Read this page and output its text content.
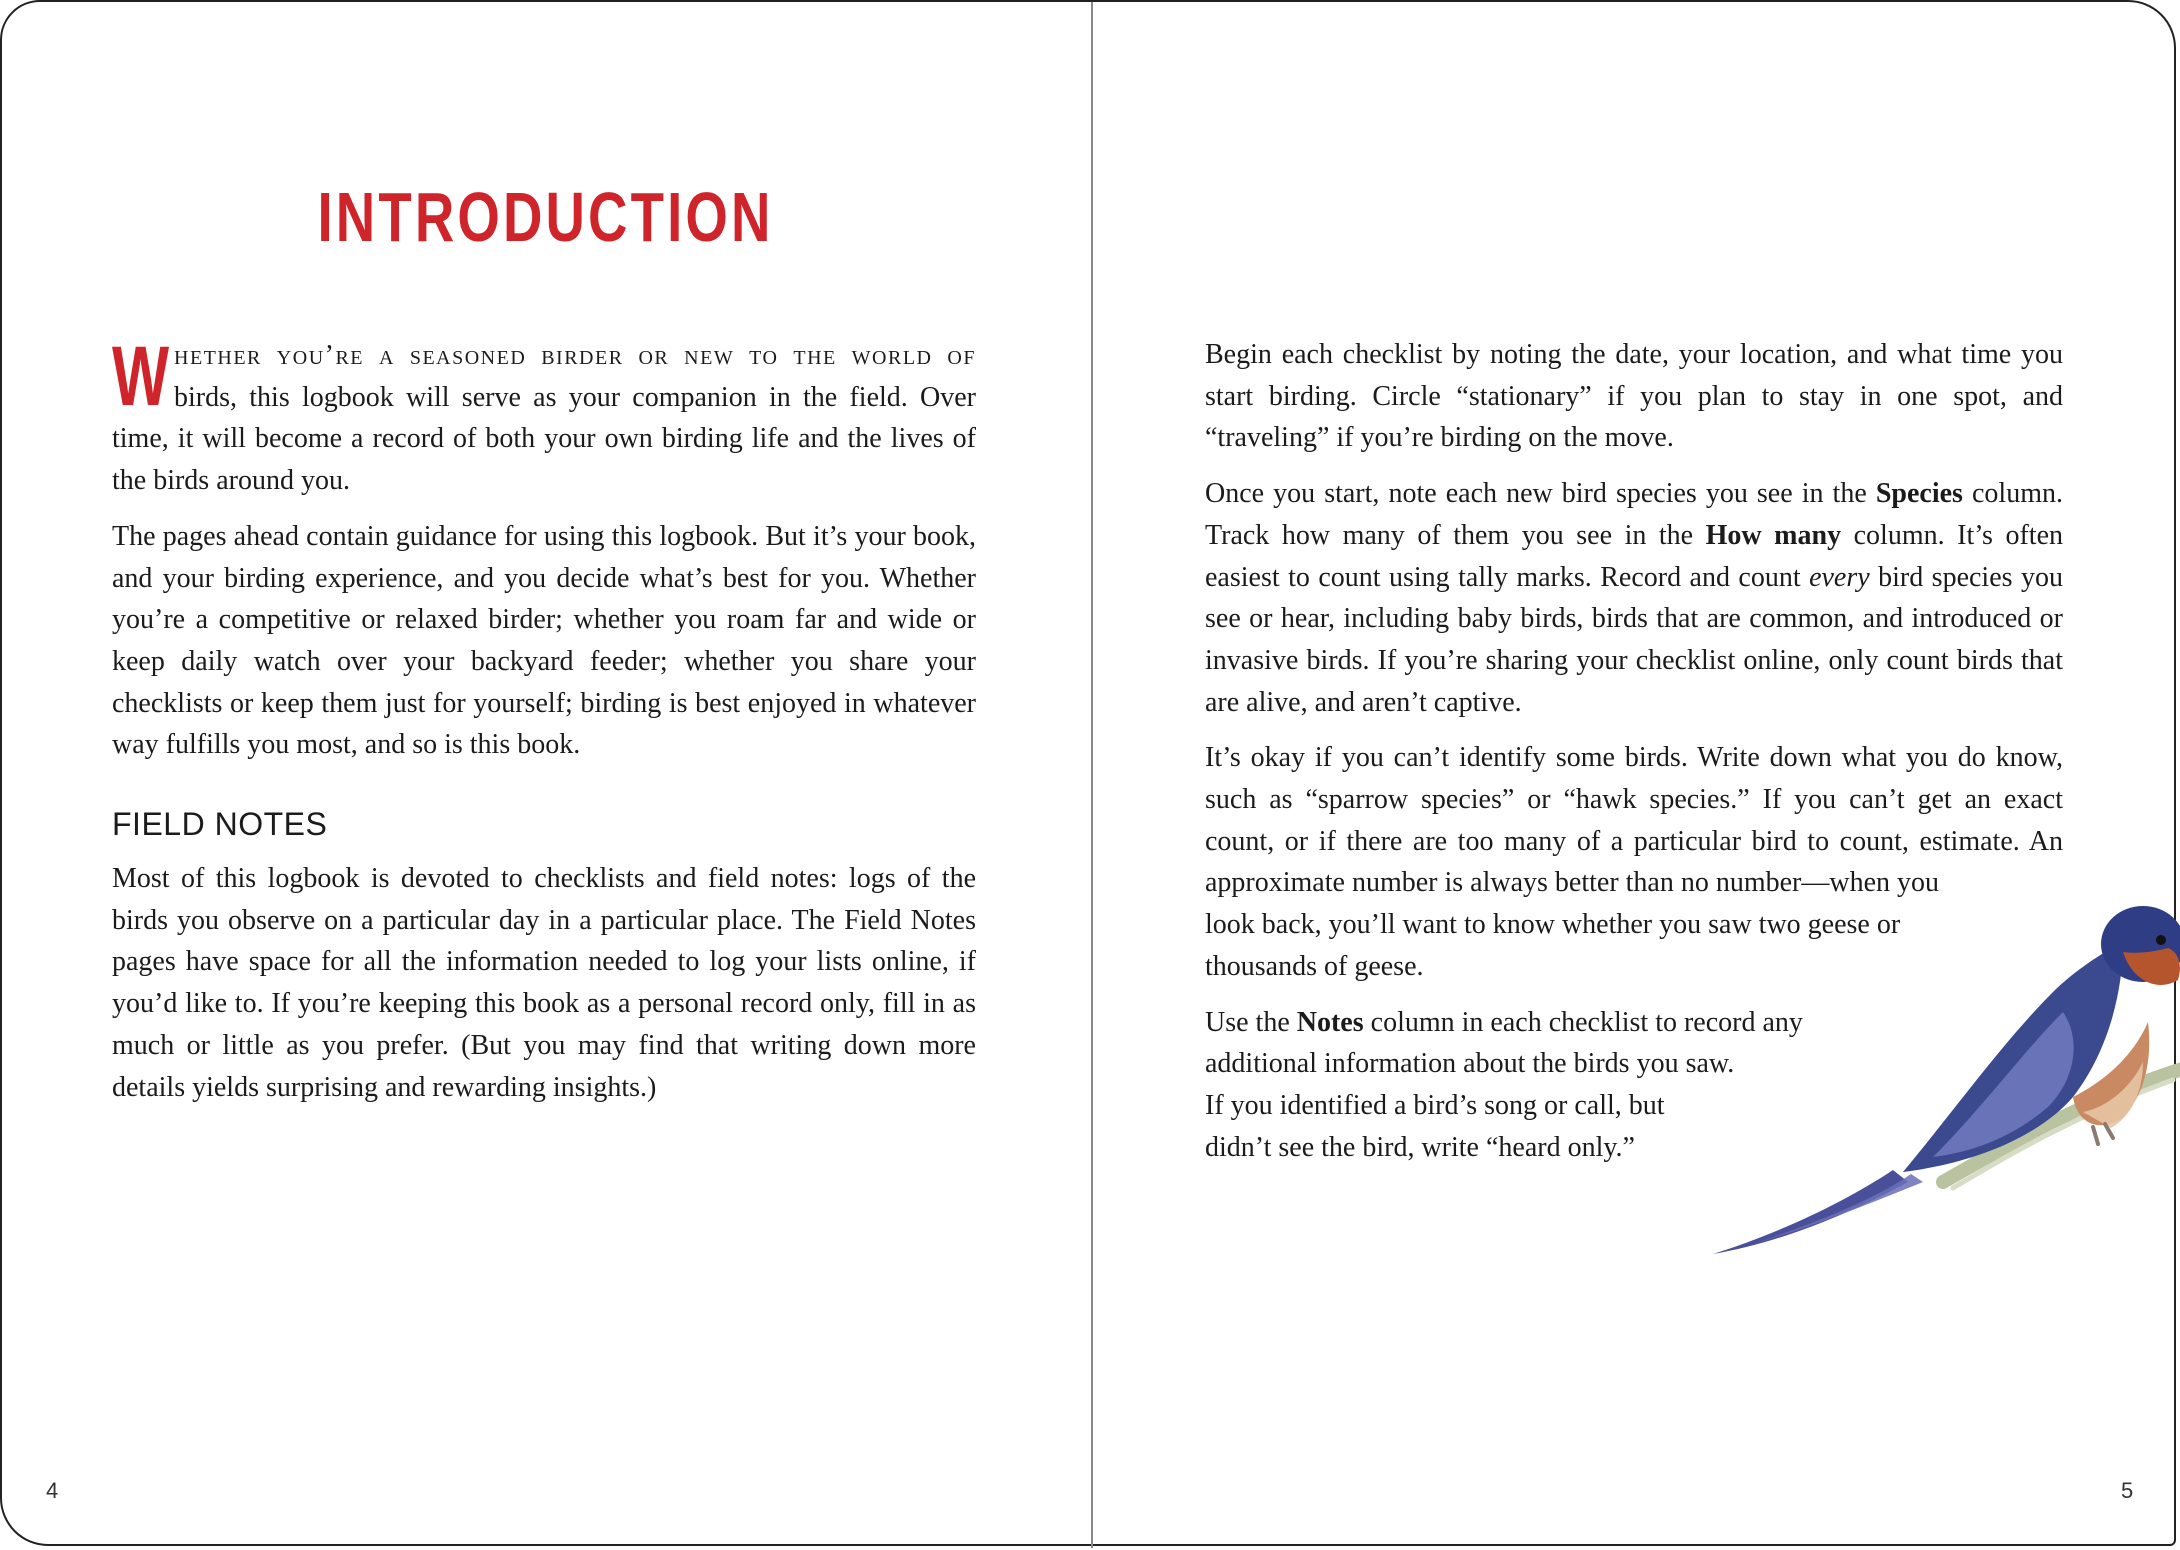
INTRODUCTION

Whether you’re a seasoned birder or new to the world of birds, this logbook will serve as your companion in the field. Over time, it will become a record of both your own birding life and the lives of the birds around you.

The pages ahead contain guidance for using this logbook. But it’s your book, and your birding experience, and you decide what’s best for you. Whether you’re a competitive or relaxed birder; whether you roam far and wide or keep daily watch over your backyard feeder; whether you share your checklists or keep them just for yourself; birding is best enjoyed in whatever way fulfills you most, and so is this book.

FIELD NOTES

Most of this logbook is devoted to checklists and field notes: logs of the birds you observe on a particular day in a particular place. The Field Notes pages have space for all the information needed to log your lists online, if you’d like to. If you’re keeping this book as a personal record only, fill in as much or little as you prefer. (But you may find that writing down more details yields surprising and rewarding insights.)

4

Begin each checklist by noting the date, your location, and what time you start birding. Circle “stationary” if you plan to stay in one spot, and “traveling” if you’re birding on the move.

Once you start, note each new bird species you see in the Species column. Track how many of them you see in the How many column. It’s often easiest to count using tally marks. Record and count every bird species you see or hear, including baby birds, birds that are common, and introduced or invasive birds. If you’re sharing your checklist online, only count birds that are alive, and aren’t captive.

It’s okay if you can’t identify some birds. Write down what you do know, such as “sparrow species” or “hawk species.” If you can’t get an exact count, or if there are too many of a particular bird to count, estimate. An
approximate number is always better than no number—when you
look back, you’ll want to know whether you saw two geese or
thousands of geese.

Use the Notes column in each checklist to record any
additional information about the birds you saw.
If you identified a bird’s song or call, but
didn’t see the bird, write “heard only.”

5
